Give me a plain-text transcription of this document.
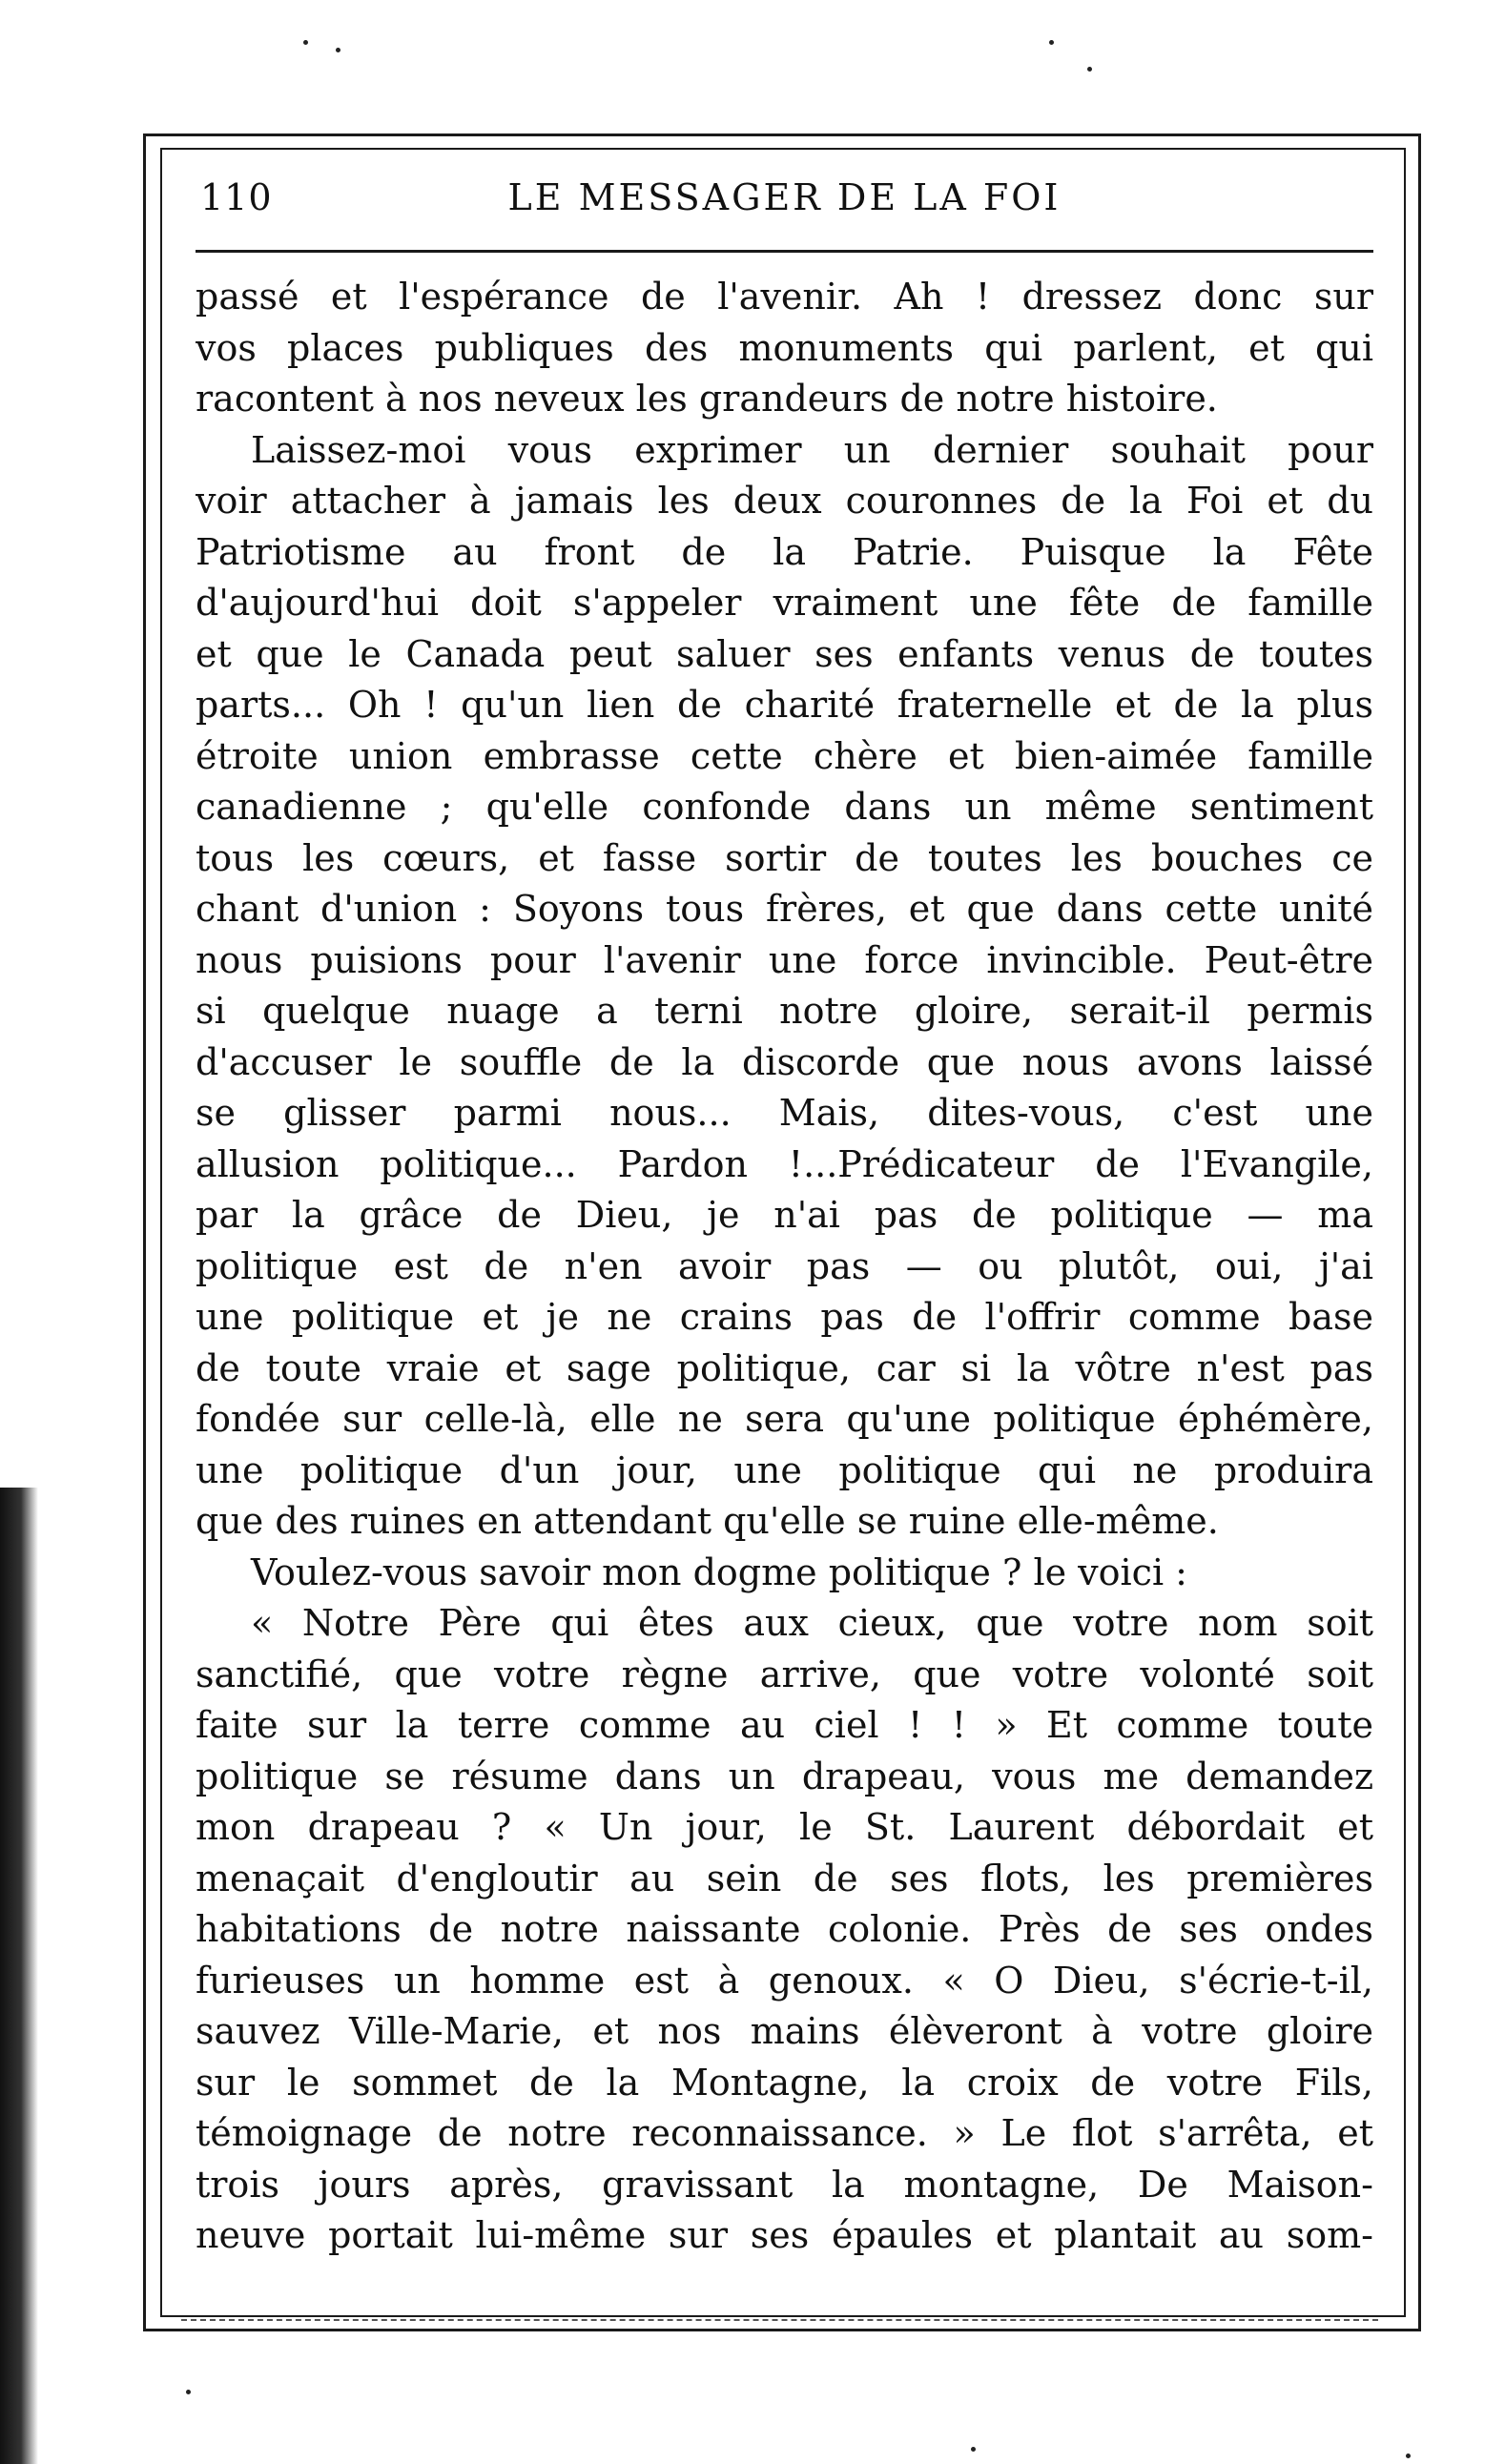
110	LE MESSAGER DE LA FOI
passé et l'espérance de l'avenir. Ah ! dressez donc sur
vos places publiques des monuments qui parlent, et qui
racontent à nos neveux les grandeurs de notre histoire.
Laissez-moi vous exprimer un dernier souhait pour
voir attacher à jamais les deux couronnes de la Foi et du
Patriotisme au front de la Patrie. Puisque la Fête
d'aujourd'hui doit s'appeler vraiment une fête de famille
et que le Canada peut saluer ses enfants venus de toutes
parts... Oh ! qu'un lien de charité fraternelle et de la plus
étroite union embrasse cette chère et bien-aimée famille
canadienne ; qu'elle confonde dans un même sentiment
tous les cœurs, et fasse sortir de toutes les bouches ce
chant d'union : Soyons tous frères, et que dans cette unité
nous puisions pour l'avenir une force invincible. Peut-être
si quelque nuage a terni notre gloire, serait-il permis
d'accuser le souffle de la discorde que nous avons laissé
se glisser parmi nous... Mais, dites-vous, c'est une
allusion politique... Pardon !...Prédicateur de l'Evangile,
par la grâce de Dieu, je n'ai pas de politique — ma
politique est de n'en avoir pas — ou plutôt, oui, j'ai
une politique et je ne crains pas de l'offrir comme base
de toute vraie et sage politique, car si la vôtre n'est pas
fondée sur celle-là, elle ne sera qu'une politique éphémère,
une politique d'un jour, une politique qui ne produira
que des ruines en attendant qu'elle se ruine elle-même.
Voulez-vous savoir mon dogme politique ? le voici :
« Notre Père qui êtes aux cieux, que votre nom soit
sanctifié, que votre règne arrive, que votre volonté soit
faite sur la terre comme au ciel ! ! » Et comme toute
politique se résume dans un drapeau, vous me demandez
mon drapeau ? « Un jour, le St. Laurent débordait et
menaçait d'engloutir au sein de ses flots, les premières
habitations de notre naissante colonie. Près de ses ondes
furieuses un homme est à genoux. « O Dieu, s'écrie-t-il,
sauvez Ville-Marie, et nos mains élèveront à votre gloire
sur le sommet de la Montagne, la croix de votre Fils,
témoignage de notre reconnaissance. » Le flot s'arrêta, et
trois jours après, gravissant la montagne, De Maison-
neuve portait lui-même sur ses épaules et plantait au som-
